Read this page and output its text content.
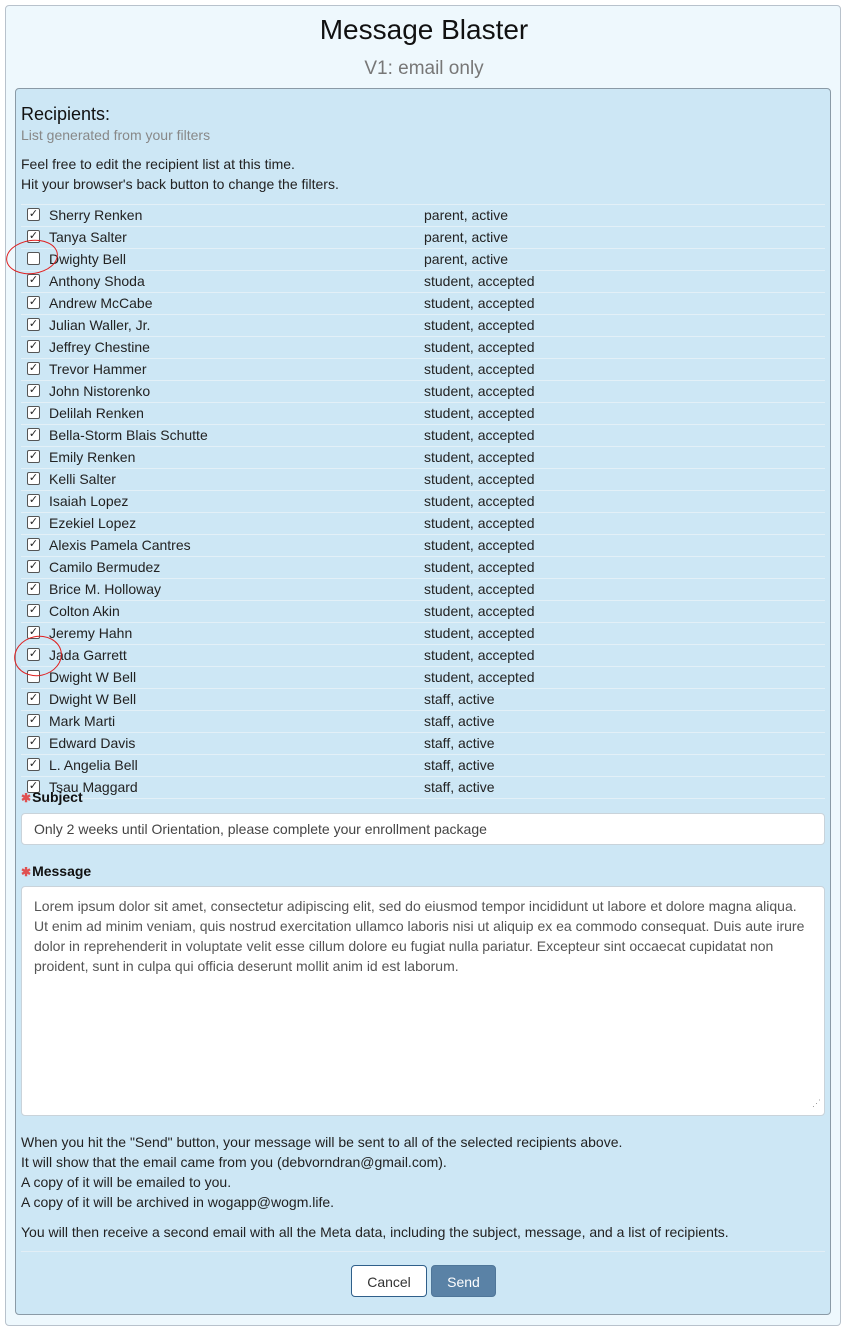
Message Blaster
V1: email only
Recipients:
List generated from your filters
Feel free to edit the recipient list at this time.
Hit your browser's back button to change the filters.
✓ Sherry Renken	parent, active
✓ Tanya Salter	parent, active
Dwighty Bell	parent, active
✓ Anthony Shoda	student, accepted
✓ Andrew McCabe	student, accepted
✓ Julian Waller, Jr.	student, accepted
✓ Jeffrey Chestine	student, accepted
✓ Trevor Hammer	student, accepted
✓ John Nistorenko	student, accepted
✓ Delilah Renken	student, accepted
✓ Bella-Storm Blais Schutte	student, accepted
✓ Emily Renken	student, accepted
✓ Kelli Salter	student, accepted
✓ Isaiah Lopez	student, accepted
✓ Ezekiel Lopez	student, accepted
✓ Alexis Pamela Cantres	student, accepted
✓ Camilo Bermudez	student, accepted
✓ Brice M. Holloway	student, accepted
✓ Colton Akin	student, accepted
✓ Jeremy Hahn	student, accepted
✓ Jada Garrett	student, accepted
Dwight W Bell	student, accepted
✓ Dwight W Bell	staff, active
✓ Mark Marti	staff, active
✓ Edward Davis	staff, active
✓ L. Angelia Bell	staff, active
✓ Tsau Maggard	staff, active
✱Subject
Only 2 weeks until Orientation, please complete your enrollment package
✱Message
Lorem ipsum dolor sit amet, consectetur adipiscing elit, sed do eiusmod tempor incididunt ut labore et dolore magna aliqua. Ut enim ad minim veniam, quis nostrud exercitation ullamco laboris nisi ut aliquip ex ea commodo consequat. Duis aute irure dolor in reprehenderit in voluptate velit esse cillum dolore eu fugiat nulla pariatur. Excepteur sint occaecat cupidatat non proident, sunt in culpa qui officia deserunt mollit anim id est laborum.
⋰
When you hit the "Send" button, your message will be sent to all of the selected recipients above.
It will show that the email came from you (debvorndran@gmail.com).
A copy of it will be emailed to you.
A copy of it will be archived in wogapp@wogm.life.
You will then receive a second email with all the Meta data, including the subject, message, and a list of recipients.
Cancel	Send
